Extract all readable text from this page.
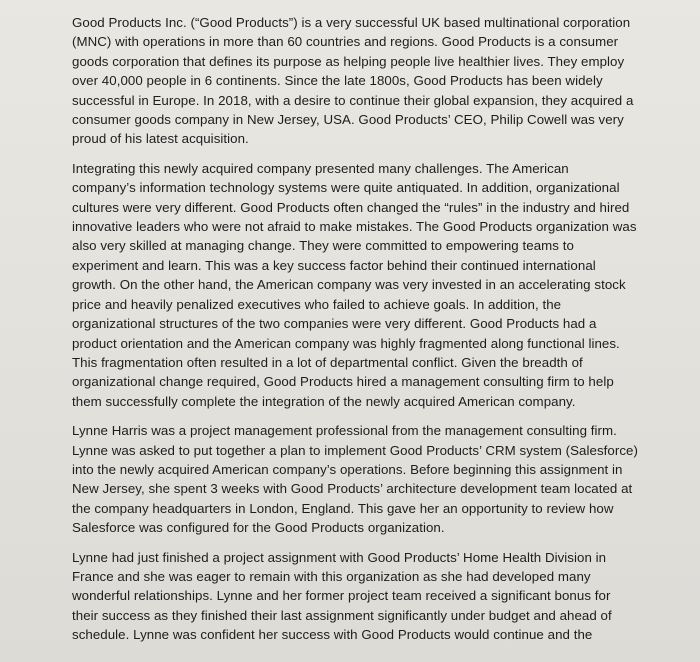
Good Products Inc. (“Good Products”) is a very successful UK based multinational corporation
(MNC) with operations in more than 60 countries and regions. Good Products is a consumer
goods corporation that defines its purpose as helping people live healthier lives. They employ
over 40,000 people in 6 continents. Since the late 1800s, Good Products has been widely
successful in Europe. In 2018, with a desire to continue their global expansion, they acquired a
consumer goods company in New Jersey, USA. Good Products’ CEO, Philip Cowell was very
proud of his latest acquisition.
Integrating this newly acquired company presented many challenges. The American
company’s information technology systems were quite antiquated. In addition, organizational
cultures were very different. Good Products often changed the “rules” in the industry and hired
innovative leaders who were not afraid to make mistakes. The Good Products organization was
also very skilled at managing change. They were committed to empowering teams to
experiment and learn. This was a key success factor behind their continued international
growth. On the other hand, the American company was very invested in an accelerating stock
price and heavily penalized executives who failed to achieve goals. In addition, the
organizational structures of the two companies were very different. Good Products had a
product orientation and the American company was highly fragmented along functional lines.
This fragmentation often resulted in a lot of departmental conflict. Given the breadth of
organizational change required, Good Products hired a management consulting firm to help
them successfully complete the integration of the newly acquired American company.
Lynne Harris was a project management professional from the management consulting firm.
Lynne was asked to put together a plan to implement Good Products’ CRM system (Salesforce)
into the newly acquired American company’s operations. Before beginning this assignment in
New Jersey, she spent 3 weeks with Good Products’ architecture development team located at
the company headquarters in London, England. This gave her an opportunity to review how
Salesforce was configured for the Good Products organization.
Lynne had just finished a project assignment with Good Products’ Home Health Division in
France and she was eager to remain with this organization as she had developed many
wonderful relationships. Lynne and her former project team received a significant bonus for
their success as they finished their last assignment significantly under budget and ahead of
schedule. Lynne was confident her success with Good Products would continue and the
